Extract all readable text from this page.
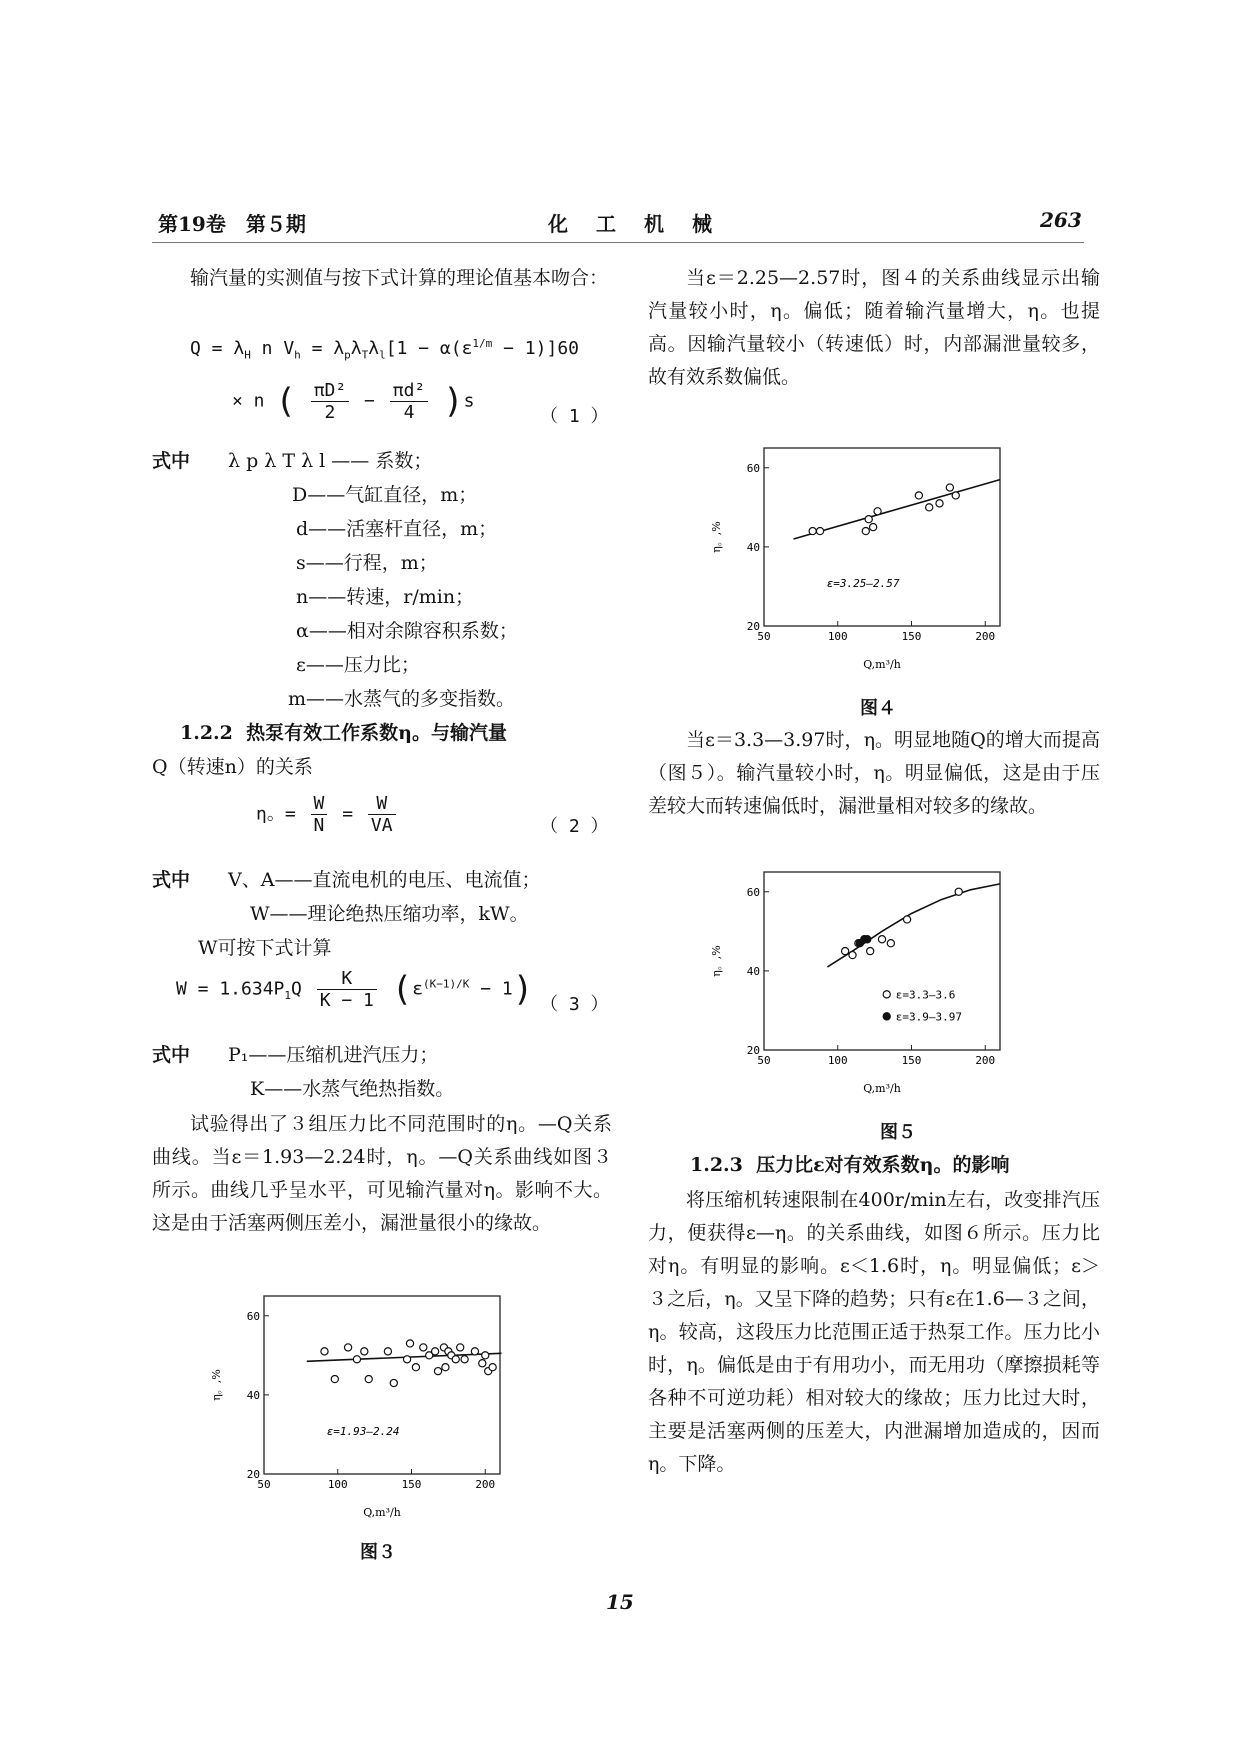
第19卷　第５期	化　工　机　械	263
输汽量的实测值与按下式计算的理论值基本吻合：
$Q = \lambda_H$ n $V_h = \lambda_p\lambda_T\lambda_l[1 - \alpha(\varepsilon^{1/m} - 1)]60$
× n ( $\frac{\text{πD²}}{2} - \frac{\text{πd²}}{4} )s$
（ 1 ）
式中 λ p λ T λ l —— 系数；
D——气缸直径，m；
d——活塞杆直径，m；
s——行程，m；
n——转速，r/min；
α——相对余隙容积系数；
ε——压力比；
m——水蒸气的多变指数。
1.2.2 热泵有效工作系数η。与输汽量
Q（转速n）的关系
η。= $\frac{W}{N} = \frac{W}{VA}$	（ 2 ）
式中 V、A——直流电机的电压、电流值；
W——理论绝热压缩功率，kW。
W可按下式计算
$W = 1.634P_1Q \frac{K}{K - 1} (\varepsilon^{(K-1)/K} - 1)$ （ 3 ）
式中 P₁——压缩机进汽压力；
K——水蒸气绝热指数。
试验得出了３组压力比不同范围时的η。—Q关系曲线。当ε＝1.93—2.24时，η。—Q关系曲线如图３所示。曲线几乎呈水平，可见输汽量对η。影响不大。这是由于活塞两侧压差小，漏泄量很小的缘故。
50	100	150	200
20
40
60
η。,%
Q,m³/h
ε=1.93—2.24
图３
当ε＝2.25—2.57时，图４的关系曲线显示出输汽量较小时，η。偏低；随着输汽量增大，η。也提高。因输汽量较小（转速低）时，内部漏泄量较多，故有效系数偏低。
50	100	150	200
20
40
60
η。,%
Q,m³/h
ε=3.25—2.57
图４
当ε＝3.3—3.97时，η。明显地随Q的增大而提高（图５）。输汽量较小时，η。明显偏低，这是由于压差较大而转速偏低时，漏泄量相对较多的缘故。
50	100	150	200
20
40
60
η。,%
Q,m³/h
ε=3.3—3.6
ε=3.9—3.97
图５
1.2.3 压力比ε对有效系数η。的影响
将压缩机转速限制在400r/min左右，改变排汽压力，便获得ε—η。的关系曲线，如图６所示。压力比对η。有明显的影响。ε＜1.6时，η。明显偏低；ε＞３之后，η。又呈下降的趋势；只有ε在1.6—３之间，η。较高，这段压力比范围正适于热泵工作。压力比小时，η。偏低是由于有用功小，而无用功（摩擦损耗等各种不可逆功耗）相对较大的缘故；压力比过大时，主要是活塞两侧的压差大，内泄漏增加造成的，因而η。下降。
15
